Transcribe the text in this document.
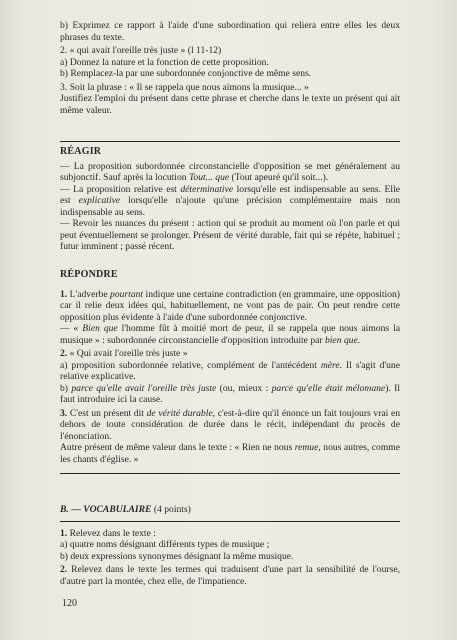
b) Exprimez ce rapport à l'aide d'une subordination qui reliera entre elles les deux phrases du texte.

2. « qui avait l'oreille très juste » (l 11-12)

a) Donnez la nature et la fonction de cette proposition.

b) Remplacez-la par une subordonnée conjonctive de même sens.

3. Soit la phrase : « Il se rappela que nous aimons la musique... »

Justifiez l'emploi du présent dans cette phrase et cherche dans le texte un présent qui ait même valeur.

RÉAGIR

— La proposition subordonnée circonstancielle d'opposition se met généralement au subjonctif. Sauf après la locution Tout... que (Tout apeuré qu'il soit...).

— La proposition relative est déterminative lorsqu'elle est indispensable au sens. Elle est explicative lorsqu'elle n'ajoute qu'une précision complémentaire mais non indispensable au sens.

— Revoir les nuances du présent : action qui se produit au moment où l'on parle et qui peut éventuellement se prolonger. Présent de vérité durable, fait qui se répète, habituel ; futur imminent ; passé récent.

RÉPONDRE

1. L'adverbe pourtant indique une certaine contradiction (en grammaire, une opposition) car il relie deux idées qui, habituellement, ne vont pas de pair. On peut rendre cette opposition plus évidente à l'aide d'une subordonnée conjonctive.

— « Bien que l'homme fût à moitié mort de peur, il se rappela que nous aimons la musique » : subordonnée circonstancielle d'opposition introduite par bien que.

2. « Qui avait l'oreille très juste »

a) proposition subordonnée relative, complément de l'antécédent mère. Il s'agit d'une relative explicative.

b) parce qu'elle avait l'oreille très juste (ou, mieux : parce qu'elle était mélomane). Il faut introduire ici la cause.

3. C'est un présent dit de vérité durable, c'est-à-dire qu'il énonce un fait toujours vrai en dehors de toute considération de durée dans le récit, indépendant du procès de l'énonciation.

Autre présent de même valeur dans le texte : « Rien ne nous remue, nous autres, comme les chants d'église. »

B. — VOCABULAIRE (4 points)

1. Relevez dans le texte :

a) quatre noms désignant différents types de musique ;

b) deux expressions synonymes désignant la même musique.

2. Relevez dans le texte les termes qui traduisent d'une part la sensibilité de l'ourse, d'autre part la montée, chez elle, de l'impatience.

120
